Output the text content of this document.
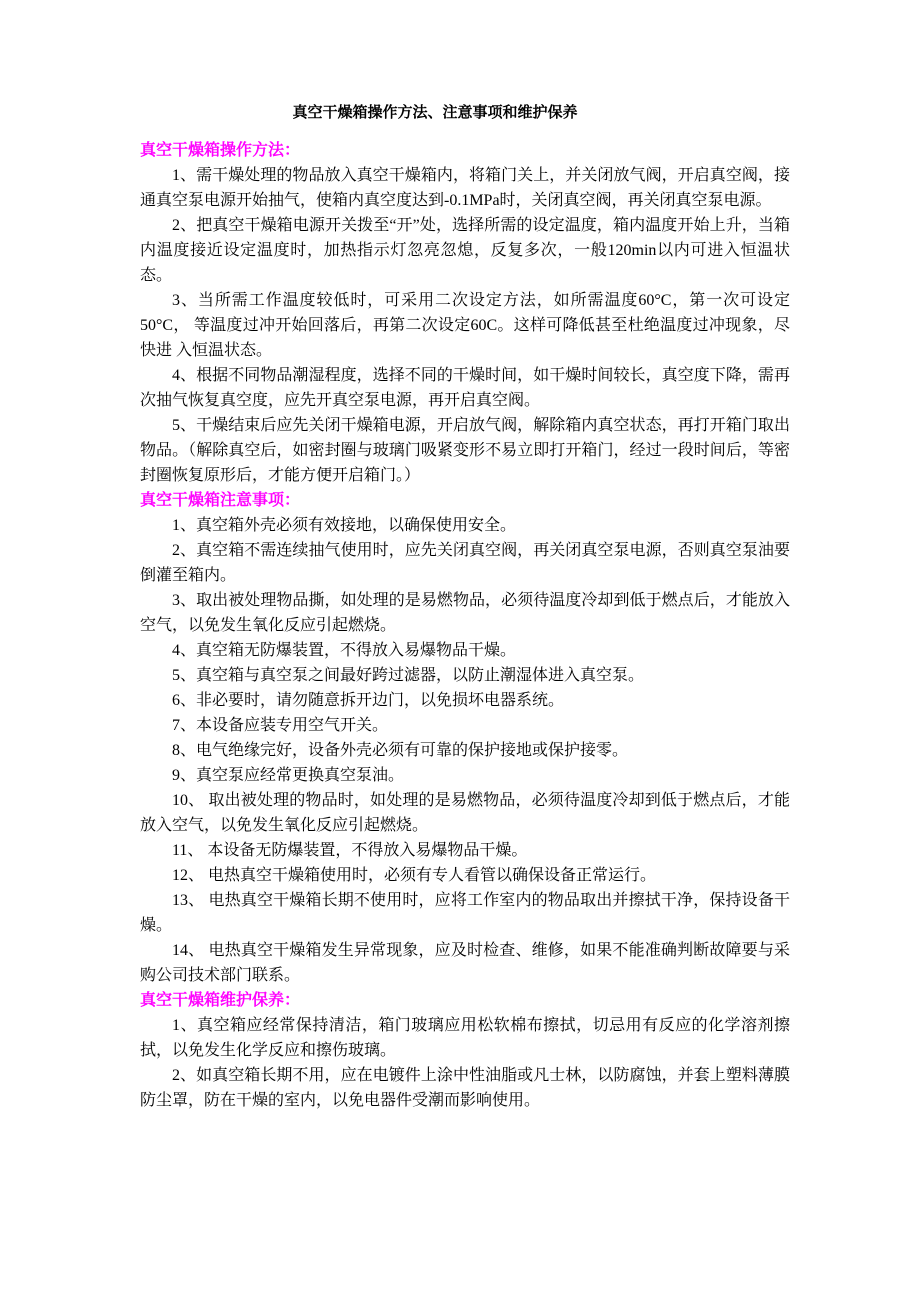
真空干燥箱操作方法、注意事项和维护保养
真空干燥箱操作方法：

1、需干燥处理的物品放入真空干燥箱内，将箱门关上，并关闭放气阀，开启真空阀，接通真空泵电源开始抽气，使箱内真空度达到-0.1MPa时，关闭真空阀，再关闭真空泵电源。

2、把真空干燥箱电源开关拨至“开”处，选择所需的设定温度，箱内温度开始上升，当箱内温度接近设定温度时，加热指示灯忽亮忽熄，反复多次，一般120min以内可进入恒温状态。

3、当所需工作温度较低时，可采用二次设定方法，如所需温度60°C，第一次可设定50°C， 等温度过冲开始回落后，再第二次设定60C。这样可降低甚至杜绝温度过冲现象，尽快进 入恒温状态。

4、根据不同物品潮湿程度，选择不同的干燥时间，如干燥时间较长，真空度下降，需再次抽气恢复真空度，应先开真空泵电源，再开启真空阀。

5、干燥结束后应先关闭干燥箱电源，开启放气阀，解除箱内真空状态，再打开箱门取出物品。（解除真空后，如密封圈与玻璃门吸紧变形不易立即打开箱门，经过一段时间后，等密封圈恢复原形后，才能方便开启箱门。）

真空干燥箱注意事项：

1、真空箱外壳必须有效接地，以确保使用安全。

2、真空箱不需连续抽气使用时，应先关闭真空阀，再关闭真空泵电源，否则真空泵油要倒灌至箱内。

3、取出被处理物品撕，如处理的是易燃物品，必须待温度冷却到低于燃点后，才能放入空气，以免发生氧化反应引起燃烧。

4、真空箱无防爆装置，不得放入易爆物品干燥。

5、真空箱与真空泵之间最好跨过滤器，以防止潮湿体进入真空泵。

6、非必要时，请勿随意拆开边门，以免损坏电器系统。

7、本设备应装专用空气开关。

8、电气绝缘完好，设备外壳必须有可靠的保护接地或保护接零。

9、真空泵应经常更换真空泵油。

10、 取出被处理的物品时，如处理的是易燃物品，必须待温度冷却到低于燃点后，才能 放入空气，以免发生氧化反应引起燃烧。

11、 本设备无防爆装置，不得放入易爆物品干燥。

12、 电热真空干燥箱使用时，必须有专人看管以确保设备正常运行。

13、 电热真空干燥箱长期不使用时，应将工作室内的物品取出并擦拭干净，保持设备干 燥。

14、 电热真空干燥箱发生异常现象，应及时检查、维修，如果不能准确判断故障要与采 购公司技术部门联系。

真空干燥箱维护保养：

1、真空箱应经常保持清洁，箱门玻璃应用松软棉布擦拭，切忌用有反应的化学溶剂擦拭，以免发生化学反应和擦伤玻璃。

2、如真空箱长期不用，应在电镀件上涂中性油脂或凡士林，以防腐蚀，并套上塑料薄膜防尘罩，防在干燥的室内，以免电器件受潮而影响使用。
